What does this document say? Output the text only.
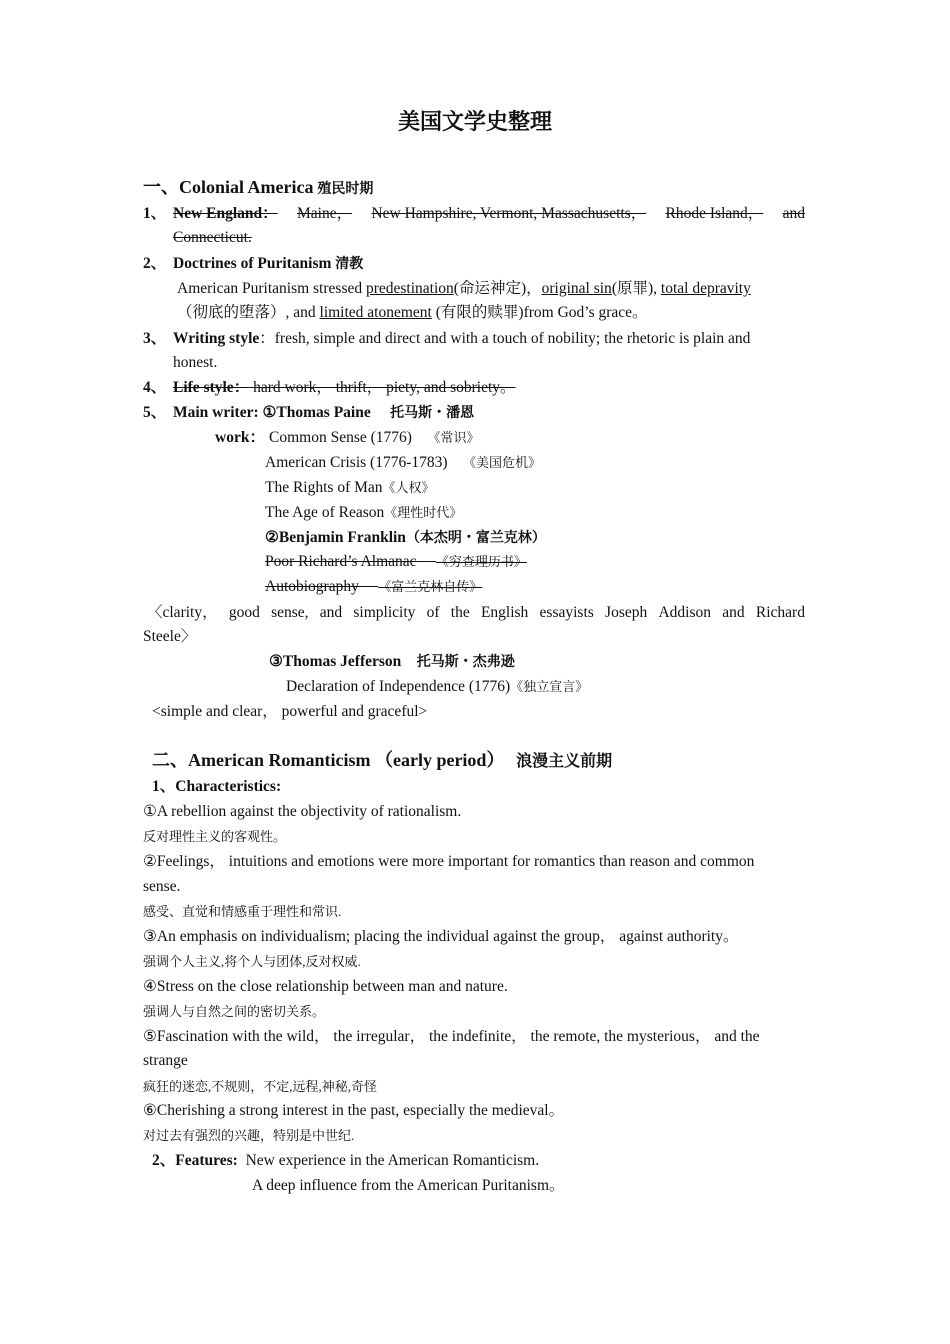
美国文学史整理
一、Colonial America 殖民时期
1、 New England： Maine， New Hampshire, Vermont, Massachusetts， Rhode Island， and
Connecticut.
2、 Doctrines of Puritanism 清教
American Puritanism stressed predestination(命运神定)，original sin(原罪), total depravity
（彻底的堕落）, and limited atonement (有限的赎罪)from God’s grace。
3、 Writing style：fresh, simple and direct and with a touch of nobility; the rhetoric is plain and
honest.
4、 Life style： hard work， thrift， piety, and sobriety。
5、 Main writer: ①Thomas Paine 托马斯・潘恩
work： Common Sense (1776) 《常识》
American Crisis (1776-1783) 《美国危机》
The Rights of Man《人权》
The Age of Reason《理性时代》
②Benjamin Franklin（本杰明・富兰克林）
Poor Richard’s Almanac 《穷查理历书》
Autobiography 《富兰克林自传》
〈clarity， good sense, and simplicity of the English essayists Joseph Addison and Richard
Steele〉
③Thomas Jefferson 托马斯・杰弗逊
Declaration of Independence (1776)《独立宣言》
<simple and clear， powerful and graceful>
二、American Romanticism （early period） 浪漫主义前期
1、Characteristics:
①A rebellion against the objectivity of rationalism.
反对理性主义的客观性。
②Feelings， intuitions and emotions were more important for romantics than reason and common
sense.
感受、直觉和情感重于理性和常识.
③An emphasis on individualism; placing the individual against the group， against authority。
强调个人主义,将个人与团体,反对权威.
④Stress on the close relationship between man and nature.
强调人与自然之间的密切关系。
⑤Fascination with the wild， the irregular， the indefinite， the remote, the mysterious， and the
strange
疯狂的迷恋,不规则，不定,远程,神秘,奇怪
⑥Cherishing a strong interest in the past, especially the medieval。
对过去有强烈的兴趣，特别是中世纪.
2、Features: New experience in the American Romanticism.
A deep influence from the American Puritanism。
